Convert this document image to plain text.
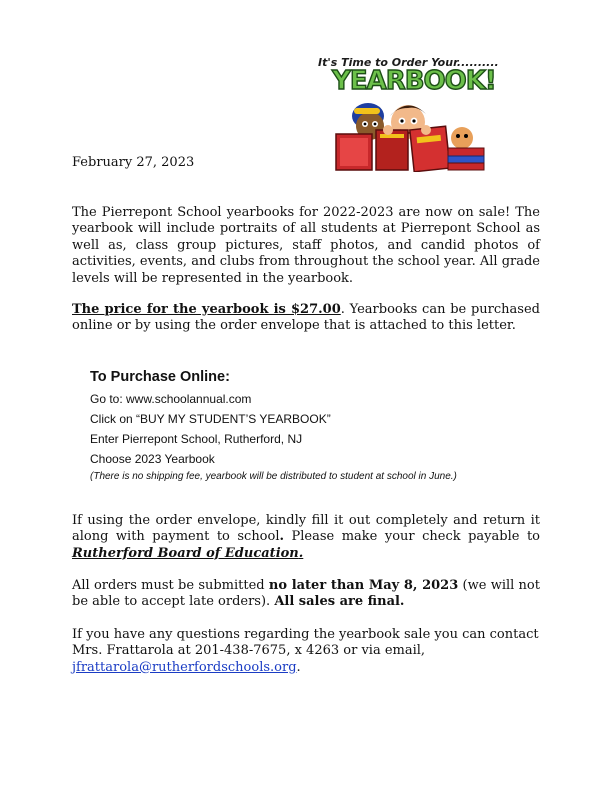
It's Time to Order Your..........
YEARBOOK!
February 27, 2023

The Pierrepont School yearbooks for 2022-2023 are now on sale! The yearbook will include portraits of all students at Pierrepont School as well as, class group pictures, staff photos, and candid photos of activities, events, and clubs from throughout the school year. All grade levels will be represented in the yearbook.

The price for the yearbook is $27.00. Yearbooks can be purchased online or by using the order envelope that is attached to this letter.

To Purchase Online:
Go to: www.schoolannual.com
Click on “BUY MY STUDENT’S YEARBOOK”
Enter Pierrepont School, Rutherford, NJ
Choose 2023 Yearbook
(There is no shipping fee, yearbook will be distributed to student at school in June.)

If using the order envelope, kindly fill it out completely and return it along with payment to school. Please make your check payable to Rutherford Board of Education.

All orders must be submitted no later than May 8, 2023 (we will not be able to accept late orders). All sales are final.

If you have any questions regarding the yearbook sale you can contact Mrs. Frattarola at 201-438-7675, x 4263 or via email,
jfrattarola@rutherfordschools.org.
